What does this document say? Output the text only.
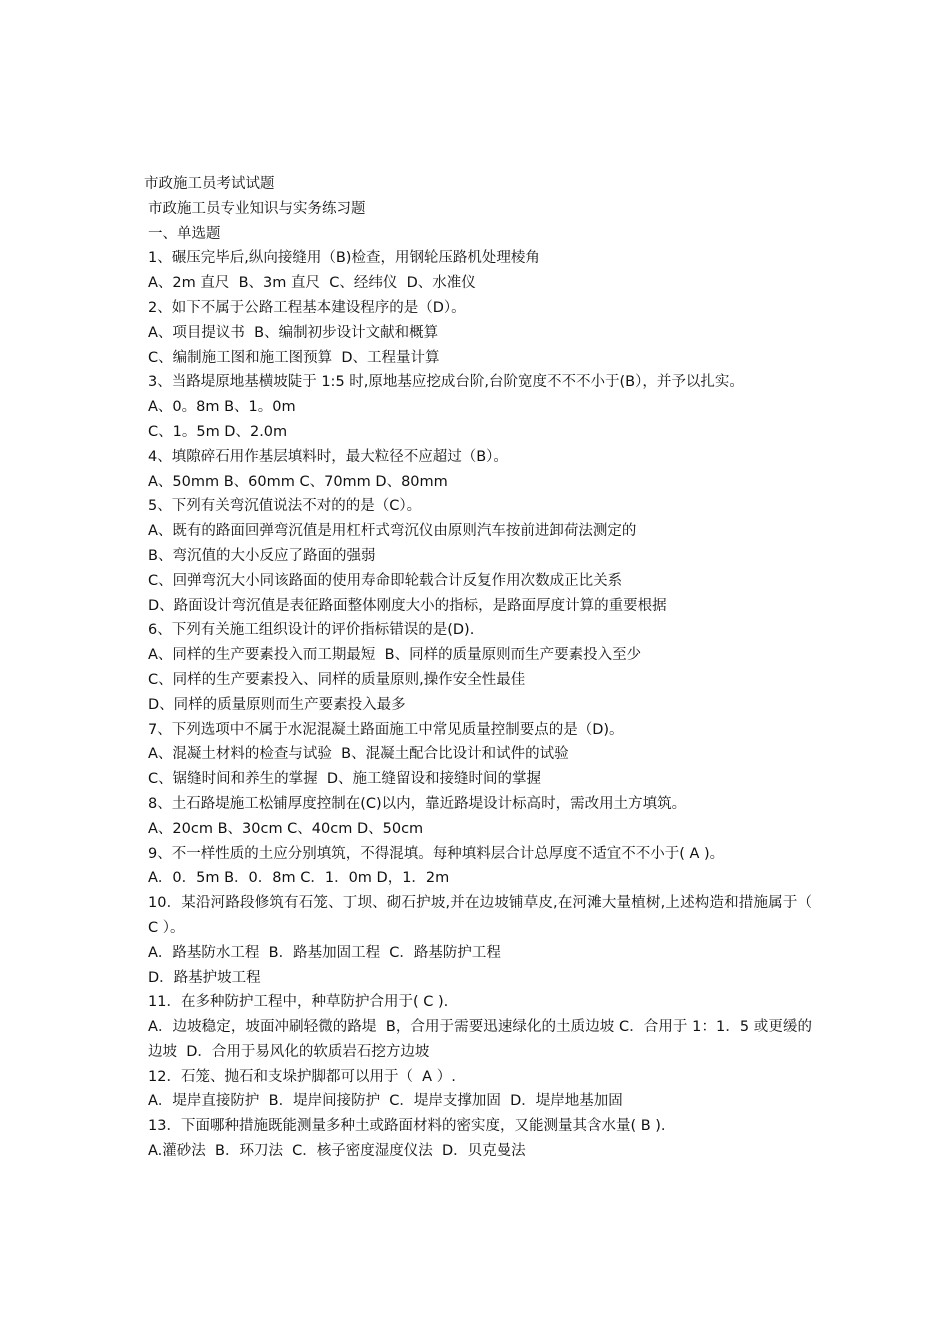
市政施工员考试试题

市政施工员专业知识与实务练习题

一、单选题

1、碾压完毕后,纵向接缝用（B)检查，用钢轮压路机处理棱角

A、2m 直尺  B、3m 直尺  C、经纬仪  D、水准仪

2、如下不属于公路工程基本建设程序的是（D）。

A、项目提议书  B、编制初步设计文献和概算

C、编制施工图和施工图预算  D、工程量计算

3、当路堤原地基横坡陡于 1:5 时,原地基应挖成台阶,台阶宽度不不不小于(B），并予以扎实。

A、0。8m B、1。0m

C、1。5m D、2.0m

4、填隙碎石用作基层填料时，最大粒径不应超过（B）。

A、50mm B、60mm C、70mm D、80mm

5、下列有关弯沉值说法不对的的是（C）。

A、既有的路面回弹弯沉值是用杠杆式弯沉仪由原则汽车按前进卸荷法测定的

B、弯沉值的大小反应了路面的强弱

C、回弹弯沉大小同该路面的使用寿命即轮载合计反复作用次数成正比关系

D、路面设计弯沉值是表征路面整体刚度大小的指标，是路面厚度计算的重要根据

6、下列有关施工组织设计的评价指标错误的是(D).

A、同样的生产要素投入而工期最短  B、同样的质量原则而生产要素投入至少

C、同样的生产要素投入、同样的质量原则,操作安全性最佳

D、同样的质量原则而生产要素投入最多

7、下列选项中不属于水泥混凝土路面施工中常见质量控制要点的是（D)。

A、混凝土材料的检查与试验  B、混凝土配合比设计和试件的试验

C、锯缝时间和养生的掌握  D、施工缝留设和接缝时间的掌握

8、土石路堤施工松铺厚度控制在(C)以内，靠近路堤设计标高时，需改用土方填筑。

A、20cm B、30cm C、40cm D、50cm

9、不一样性质的土应分别填筑，不得混填。每种填料层合计总厚度不适宜不不小于( A )。

A．0．5m B．0．8m C．1．0m D，1．2m

10．某沿河路段修筑有石笼、丁坝、砌石护坡,并在边坡铺草皮,在河滩大量植树,上述构造和措施属于（  C ）。

A．路基防水工程  B．路基加固工程  C．路基防护工程

D．路基护坡工程

11．在多种防护工程中，种草防护合用于( C ).

A．边坡稳定，坡面冲刷轻微的路堤  B，合用于需要迅速绿化的土质边坡 C．合用于 1：1．5 或更缓的边坡  D．合用于易风化的软质岩石挖方边坡

12．石笼、抛石和支垛护脚都可以用于（  A ）.

A．堤岸直接防护  B．堤岸间接防护  C．堤岸支撑加固  D．堤岸地基加固

13．下面哪种措施既能测量多种土或路面材料的密实度，又能测量其含水量( B ).

A.灌砂法  B．环刀法  C．核子密度湿度仪法  D．贝克曼法
